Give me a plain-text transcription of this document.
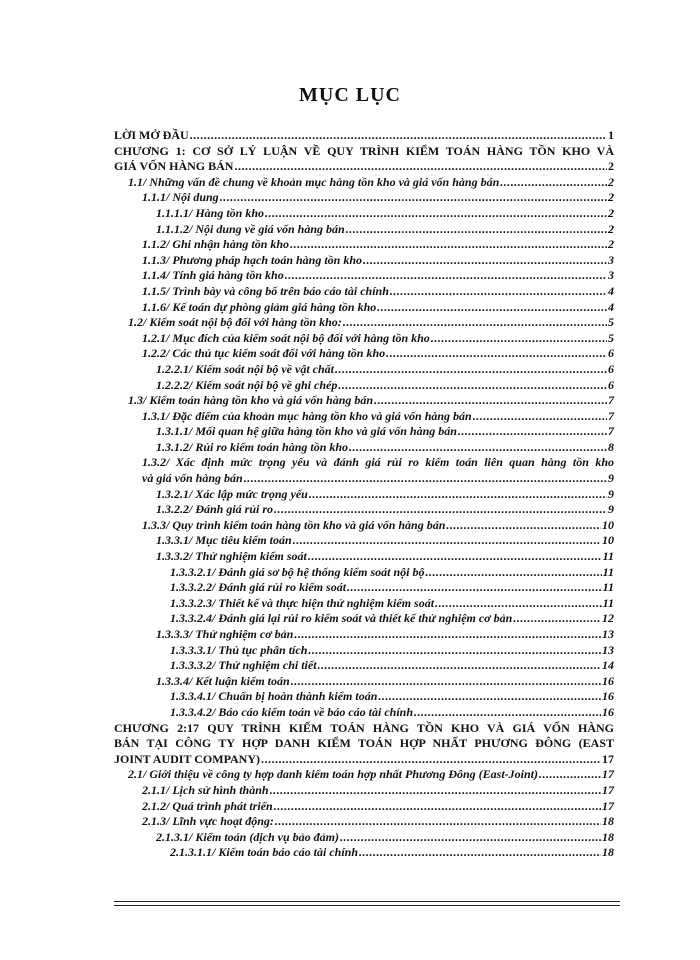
MỤC LỤC
LỜI MỞ ĐẦU .....	1
CHƯƠNG 1: CƠ SỞ LÝ LUẬN VỀ QUY TRÌNH KIỂM TOÁN HÀNG TỒN KHO VÀ
GIÁ VỐN HÀNG BÁN .....	2
1.1/ Những vấn đề chung về khoản mục hàng tồn kho và giá vốn hàng bán .....	2
1.1.1/ Nội dung .....	2
1.1.1.1/ Hàng tồn kho .....	2
1.1.1.2/ Nội dung về giá vốn hàng bán .....	2
1.1.2/ Ghi nhận hàng tồn kho .....	2
1.1.3/ Phương pháp hạch toán hàng tồn kho .....	3
1.1.4/ Tính giá hàng tồn kho .....	3
1.1.5/ Trình bày và công bố trên báo cáo tài chính .....	4
1.1.6/ Kế toán dự phòng giảm giá hàng tồn kho .....	4
1.2/ Kiểm soát nội bộ đối với hàng tồn kho: .....	5
1.2.1/ Mục đích của kiểm soát nội bộ đối với hàng tồn kho .....	5
1.2.2/ Các thủ tục kiểm soát đối với hàng tồn kho .....	6
1.2.2.1/ Kiểm soát nội bộ về vật chất .....	6
1.2.2.2/ Kiểm soát nội bộ về ghi chép .....	6
1.3/ Kiểm toán hàng tồn kho và giá vốn hàng bán .....	7
1.3.1/ Đặc điểm của khoản mục hàng tồn kho và giá vốn hàng bán .....	7
1.3.1.1/ Mối quan hệ giữa hàng tồn kho và giá vốn hàng bán .....	7
1.3.1.2/ Rủi ro kiểm toán hàng tồn kho .....	8
1.3.2/ Xác định mức trọng yếu và đánh giá rủi ro kiểm toán liên quan hàng tồn kho
và giá vốn hàng bán .....	9
1.3.2.1/ Xác lập mức trọng yếu .....	9
1.3.2.2/ Đánh giá rủi ro .....	9
1.3.3/ Quy trình kiểm toán hàng tồn kho và giá vốn hàng bán .....	10
1.3.3.1/ Mục tiêu kiểm toán .....	10
1.3.3.2/ Thử nghiệm kiểm soát .....	11
1.3.3.2.1/ Đánh giá sơ bộ hệ thống kiểm soát nội bộ .....	11
1.3.3.2.2/ Đánh giá rủi ro kiểm soát .....	11
1.3.3.2.3/ Thiết kế và thực hiện thử nghiệm kiểm soát .....	11
1.3.3.2.4/ Đánh giá lại rủi ro kiểm soát và thiết kế thử nghiệm cơ bản .....	12
1.3.3.3/ Thử nghiệm cơ bản .....	13
1.3.3.3.1/ Thủ tục phân tích .....	13
1.3.3.3.2/ Thử nghiệm chi tiết .....	14
1.3.3.4/ Kết luận kiểm toán .....	16
1.3.3.4.1/ Chuẩn bị hoàn thành kiểm toán .....	16
1.3.3.4.2/ Báo cáo kiểm toán về báo cáo tài chính .....	16
CHƯƠNG 2:17 QUY TRÌNH KIỂM TOÁN HÀNG TỒN KHO VÀ GIÁ VỐN HÀNG
BÁN TẠI CÔNG TY HỢP DANH KIỂM TOÁN HỢP NHẤT PHƯƠNG ĐÔNG (EAST
JOINT AUDIT COMPANY) .....	17
2.1/ Giới thiệu về công ty hợp danh kiểm toán hợp nhất Phương Đông (East-Joint) .....	17
2.1.1/ Lịch sử hình thành .....	17
2.1.2/ Quá trình phát triển .....	17
2.1.3/ Lĩnh vực hoạt động: .....	18
2.1.3.1/ Kiểm toán (dịch vụ bảo đảm) .....	18
2.1.3.1.1/ Kiểm toán báo cáo tài chính .....	18
